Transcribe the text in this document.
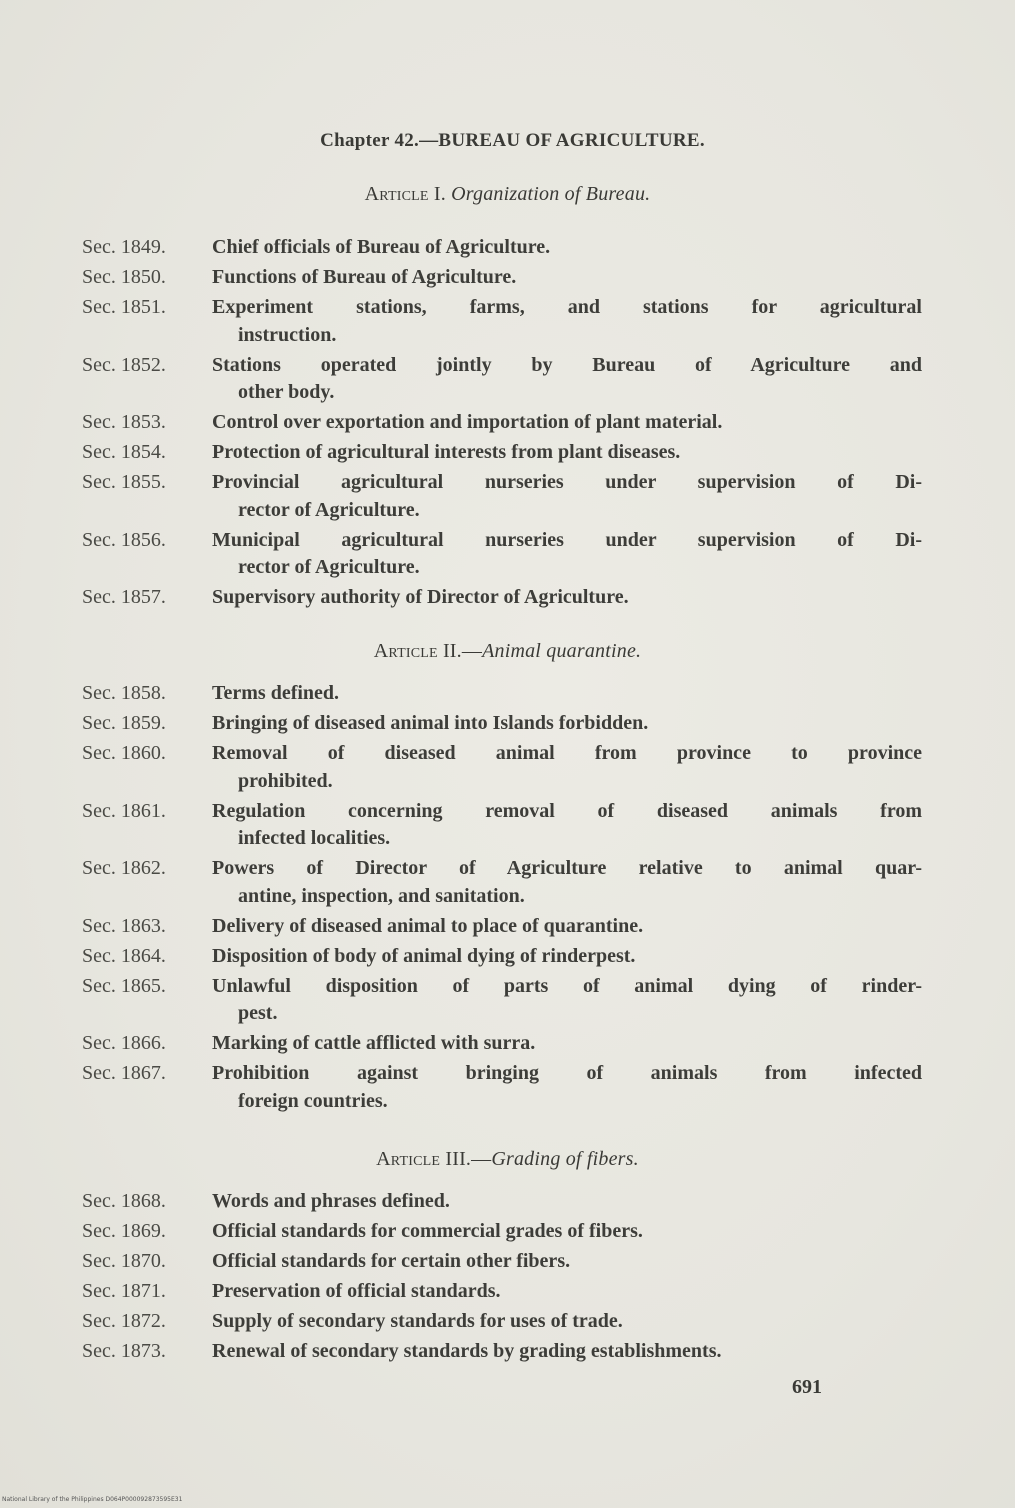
Chapter 42.—BUREAU OF AGRICULTURE.
Article I. Organization of Bureau.
Sec. 1849.	Chief officials of Bureau of Agriculture.
Sec. 1850.	Functions of Bureau of Agriculture.
Sec. 1851.	Experiment stations, farms, and stations for agricultural
instruction.
Sec. 1852.	Stations operated jointly by Bureau of Agriculture and
other body.
Sec. 1853.	Control over exportation and importation of plant material.
Sec. 1854.	Protection of agricultural interests from plant diseases.
Sec. 1855.	Provincial agricultural nurseries under supervision of Di-
rector of Agriculture.
Sec. 1856.	Municipal agricultural nurseries under supervision of Di-
rector of Agriculture.
Sec. 1857.	Supervisory authority of Director of Agriculture.
Article II.—Animal quarantine.
Sec. 1858.	Terms defined.
Sec. 1859.	Bringing of diseased animal into Islands forbidden.
Sec. 1860.	Removal of diseased animal from province to province
prohibited.
Sec. 1861.	Regulation concerning removal of diseased animals from
infected localities.
Sec. 1862.	Powers of Director of Agriculture relative to animal quar-
antine, inspection, and sanitation.
Sec. 1863.	Delivery of diseased animal to place of quarantine.
Sec. 1864.	Disposition of body of animal dying of rinderpest.
Sec. 1865.	Unlawful disposition of parts of animal dying of rinder-
pest.
Sec. 1866.	Marking of cattle afflicted with surra.
Sec. 1867.	Prohibition against bringing of animals from infected
foreign countries.
Article III.—Grading of fibers.
Sec. 1868.	Words and phrases defined.
Sec. 1869.	Official standards for commercial grades of fibers.
Sec. 1870.	Official standards for certain other fibers.
Sec. 1871.	Preservation of official standards.
Sec. 1872.	Supply of secondary standards for uses of trade.
Sec. 1873.	Renewal of secondary standards by grading establishments.
691
National Library of the Philippines D064P000092873595E31
